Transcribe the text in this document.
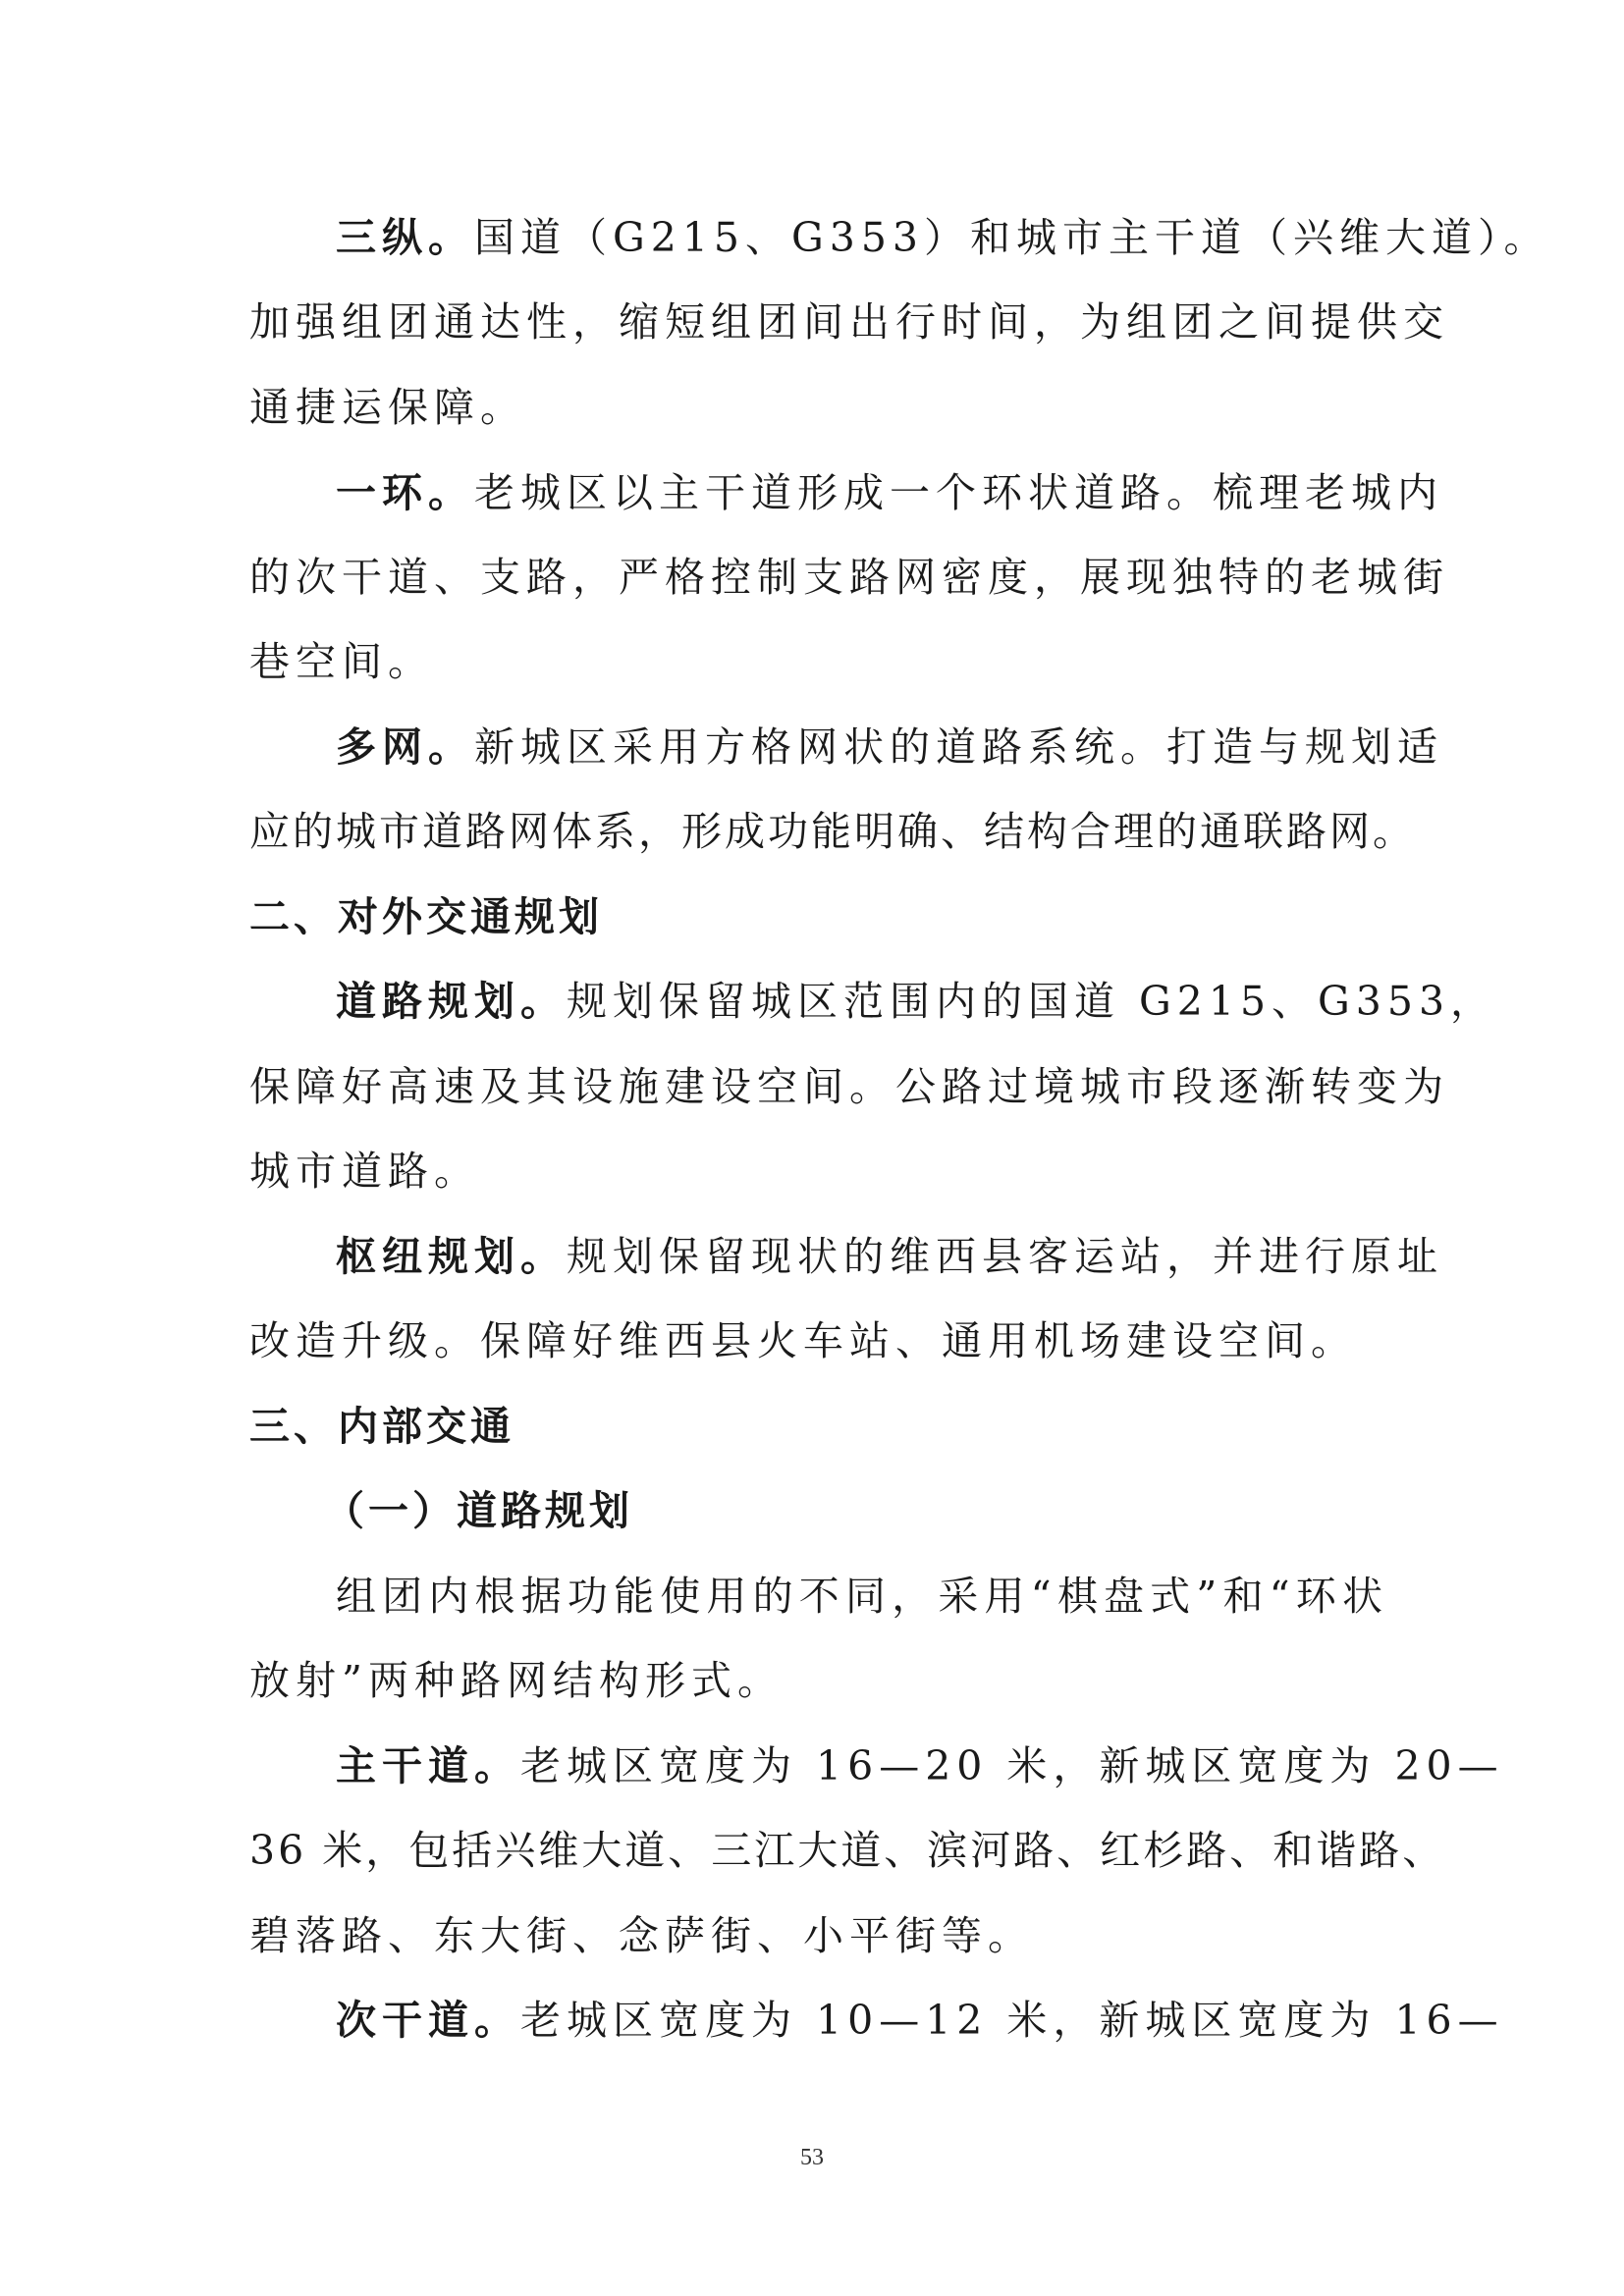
三纵。国道（G215、G353）和城市主干道（兴维大道）。
加强组团通达性，缩短组团间出行时间，为组团之间提供交
通捷运保障。
一环。老城区以主干道形成一个环状道路。梳理老城内
的次干道、支路，严格控制支路网密度，展现独特的老城街
巷空间。
多网。新城区采用方格网状的道路系统。打造与规划适
应的城市道路网体系，形成功能明确、结构合理的通联路网。
二、对外交通规划
道路规划。规划保留城区范围内的国道 G215、G353，
保障好高速及其设施建设空间。公路过境城市段逐渐转变为
城市道路。
枢纽规划。规划保留现状的维西县客运站，并进行原址
改造升级。保障好维西县火车站、通用机场建设空间。
三、内部交通
（一）道路规划
组团内根据功能使用的不同，采用“棋盘式”和“环状
放射”两种路网结构形式。
主干道。老城区宽度为 16—20 米，新城区宽度为 20—
36 米，包括兴维大道、三江大道、滨河路、红杉路、和谐路、
碧落路、东大街、念萨街、小平街等。
次干道。老城区宽度为 10—12 米，新城区宽度为 16—
53
